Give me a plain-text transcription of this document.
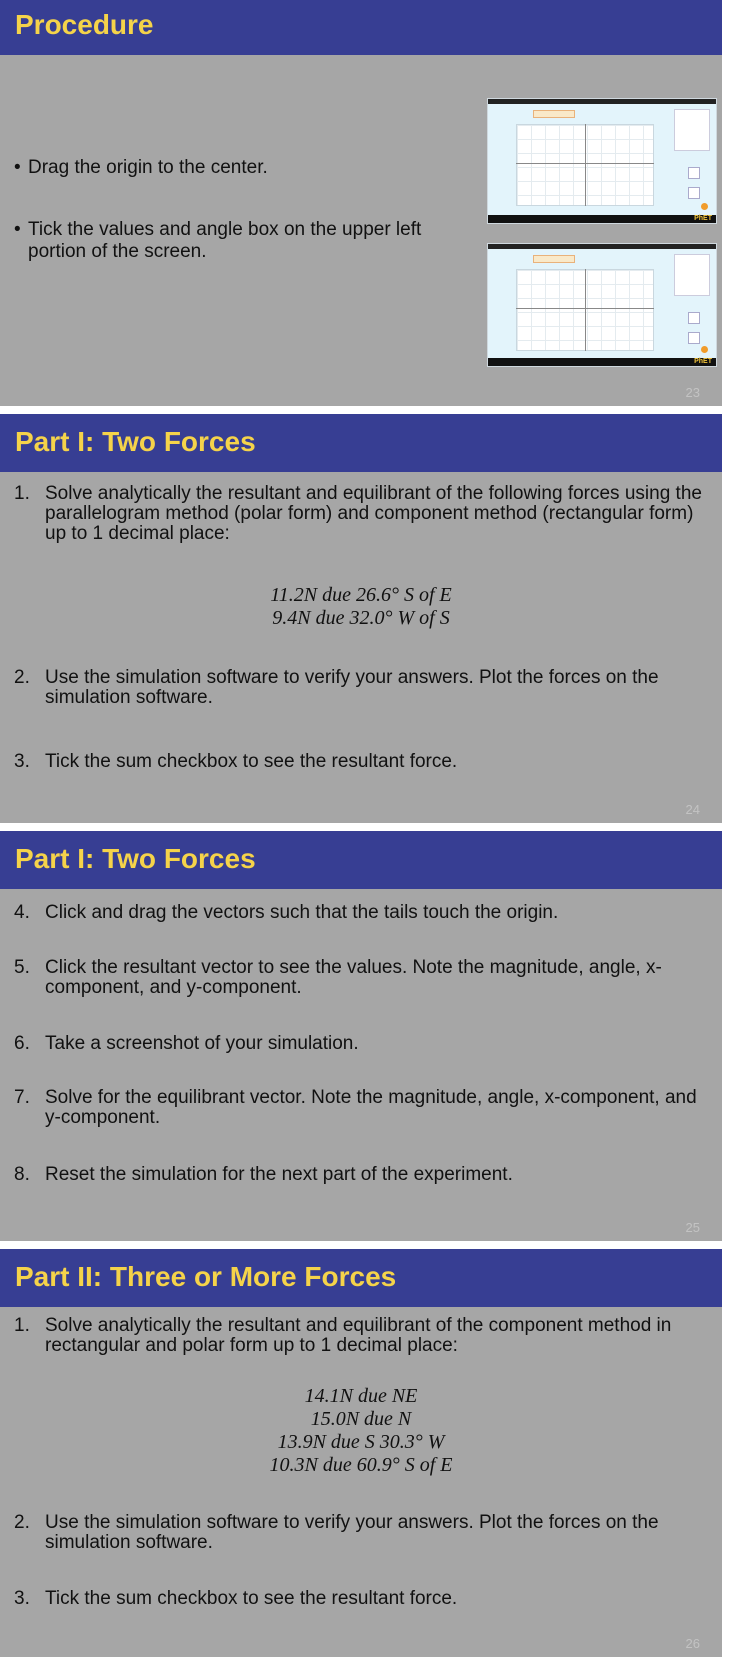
Procedure
• Drag the origin to the center.
• Tick the values and angle box on the upper left portion of the screen.
PhET
PhET
23
Part I: Two Forces
1. Solve analytically the resultant and equilibrant of the following forces using the parallelogram method (polar form) and component method (rectangular form) up to 1 decimal place:
11.2N due 26.6° S of E
9.4N due 32.0° W of S
2. Use the simulation software to verify your answers. Plot the forces on the simulation software.
3. Tick the sum checkbox to see the resultant force.
24
Part I: Two Forces
4. Click and drag the vectors such that the tails touch the origin.
5. Click the resultant vector to see the values. Note the magnitude, angle, x-component, and y-component.
6. Take a screenshot of your simulation.
7. Solve for the equilibrant vector. Note the magnitude, angle, x-component, and y-component.
8. Reset the simulation for the next part of the experiment.
25
Part II: Three or More Forces
1. Solve analytically the resultant and equilibrant of the component method in rectangular and polar form up to 1 decimal place:
14.1N due NE
15.0N due N
13.9N due S 30.3° W
10.3N due 60.9° S of E
2. Use the simulation software to verify your answers. Plot the forces on the simulation software.
3. Tick the sum checkbox to see the resultant force.
26
